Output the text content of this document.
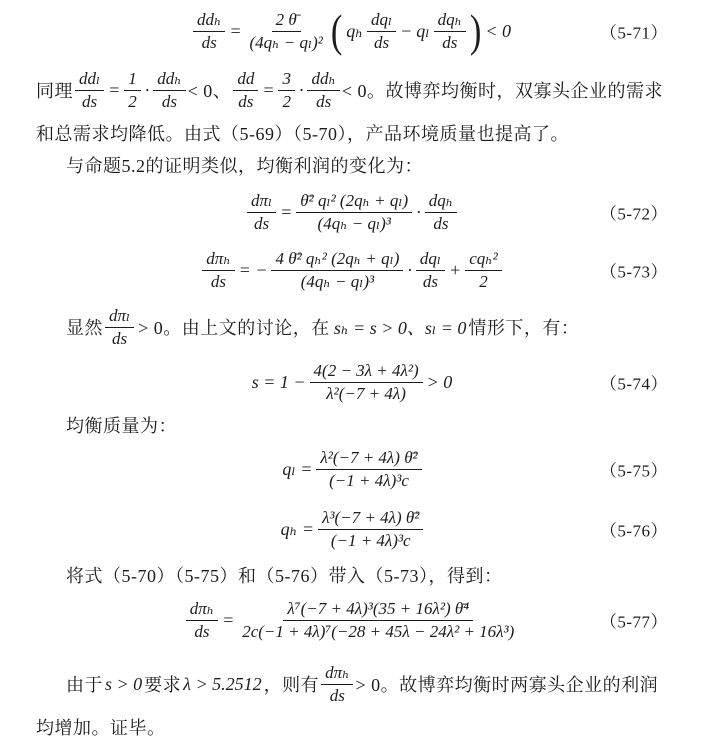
$\frac{\text{ddₕ}}{ds} = \frac{2 \thetā}{\text{(4qₕ − qₗ)²}}$ ( qₕ $\frac{\text{dqₗ}}{ds} - q_l \frac{\text{dqₕ}}{ds}$ ) < 0	（5-71）
同理 $\frac{\text{ddₗ}}{ds} = \frac{1}{2} \cdot \frac{\text{ddₕ}}{ds} < 0$、 $\frac{dd}{ds} = \frac{3}{2} \cdot \frac{\text{ddₕ}}{ds} < 0$。故博弈均衡时，双寡头企业的需求
和总需求均降低。由式（5-69）（5-70），产品环境质量也提高了。
与命题5.2的证明类似，均衡利润的变化为：
$\frac{\text{dπₗ}}{ds} = \frac{\text{θ̄² qₗ² (2qₕ + qₗ)}}{\text{(4qₕ − qₗ)³}} \cdot \frac{\text{dqₕ}}{ds}$	（5-72）
$\frac{\text{dπₕ}}{ds}$ = − $\frac{\text{4 θ̄² qₕ² (2qₕ + qₗ)}}{\text{(4qₕ − qₗ)³}} \cdot \frac{\text{dqₗ}}{ds} + \frac{\text{cqₕ²}}{2}$	（5-73）
显然 $\frac{\text{dπₗ}}{ds} > 0$。由上文的讨论，在 sₕ = s > 0、sₗ = 0 情形下，有：
$s = 1 - \frac{\text{4(2 − 3λ + 4λ²)}}{\text{λ²(−7 + 4λ)}} > 0$	（5-74）
均衡质量为：
$q_l = \frac{\text{λ²(−7 + 4λ) θ̄²}}{\text{(−1 + 4λ)³c}}$	（5-75）
$q_h = \frac{\text{λ³(−7 + 4λ) θ̄²}}{\text{(−1 + 4λ)³c}}$	（5-76）
将式（5-70）（5-75）和（5-76）带入（5-73），得到：
$\frac{\text{dπₕ}}{ds} = \frac{\text{λ⁷(−7 + 4λ)³(35 + 16λ²) θ̄⁴}}{\text{2c(−1 + 4λ)⁷(−28 + 45λ − 24λ² + 16λ³)}}$	（5-77）
由于 s > 0 要求 λ > 5.2512 ，则有 $\frac{\text{dπₕ}}{ds} > 0$。故博弈均衡时两寡头企业的利润
均增加。证毕。
